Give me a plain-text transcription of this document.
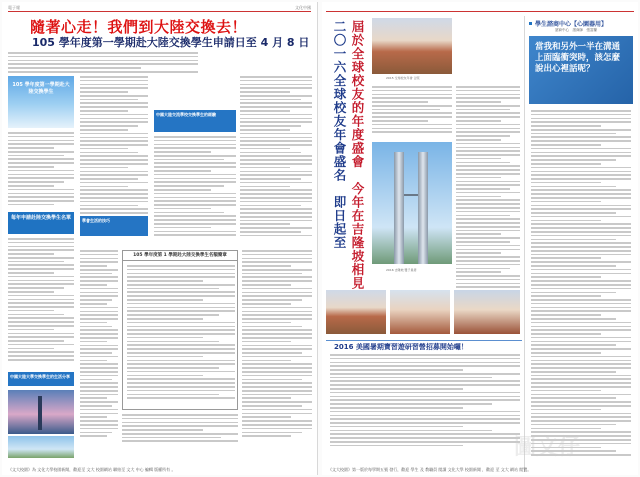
電子報	文化中國
隨著心走！我們到大陸交換去！
105 學年度第一學期赴大陸交換學生申請日至 4 月 8 日
105 學年度第一學期赴大陸交換學生
每年申請赴陸交換學生名單
中國大陸大學交換學生的生活分享
學會生活的技巧
中國大陸交流學校交換學生的經驗
105 學年度第 1 學期赴大陸交換學生名額簡章
《文大校園》為 文化大學校園新聞，歡迎至 文大 校園網站 聯絡至 文大 中心 編輯 版權所有 。
二〇一六全球校友年會盛名　即日起至 屆於全球校友的年度盛會　今年在吉隆坡相見	2015 全球校友年會 合照
2016 吉隆坡 雙子星塔
2016 美國暑期寶習遊研習營招募開始囉！
學生諮商中心【心園器用】
諮商中心　諮商師　張富蘭
當我和另外一半在溝通上面臨衝突時，該怎麼說出心裡話呢？
《文大校園》第一版於每學期五號 發行，歡迎 學生 及 教職員 閱讀 文化大學 校園新聞 ，歡迎 至 文大 網站 閱覽。
圖文仔
